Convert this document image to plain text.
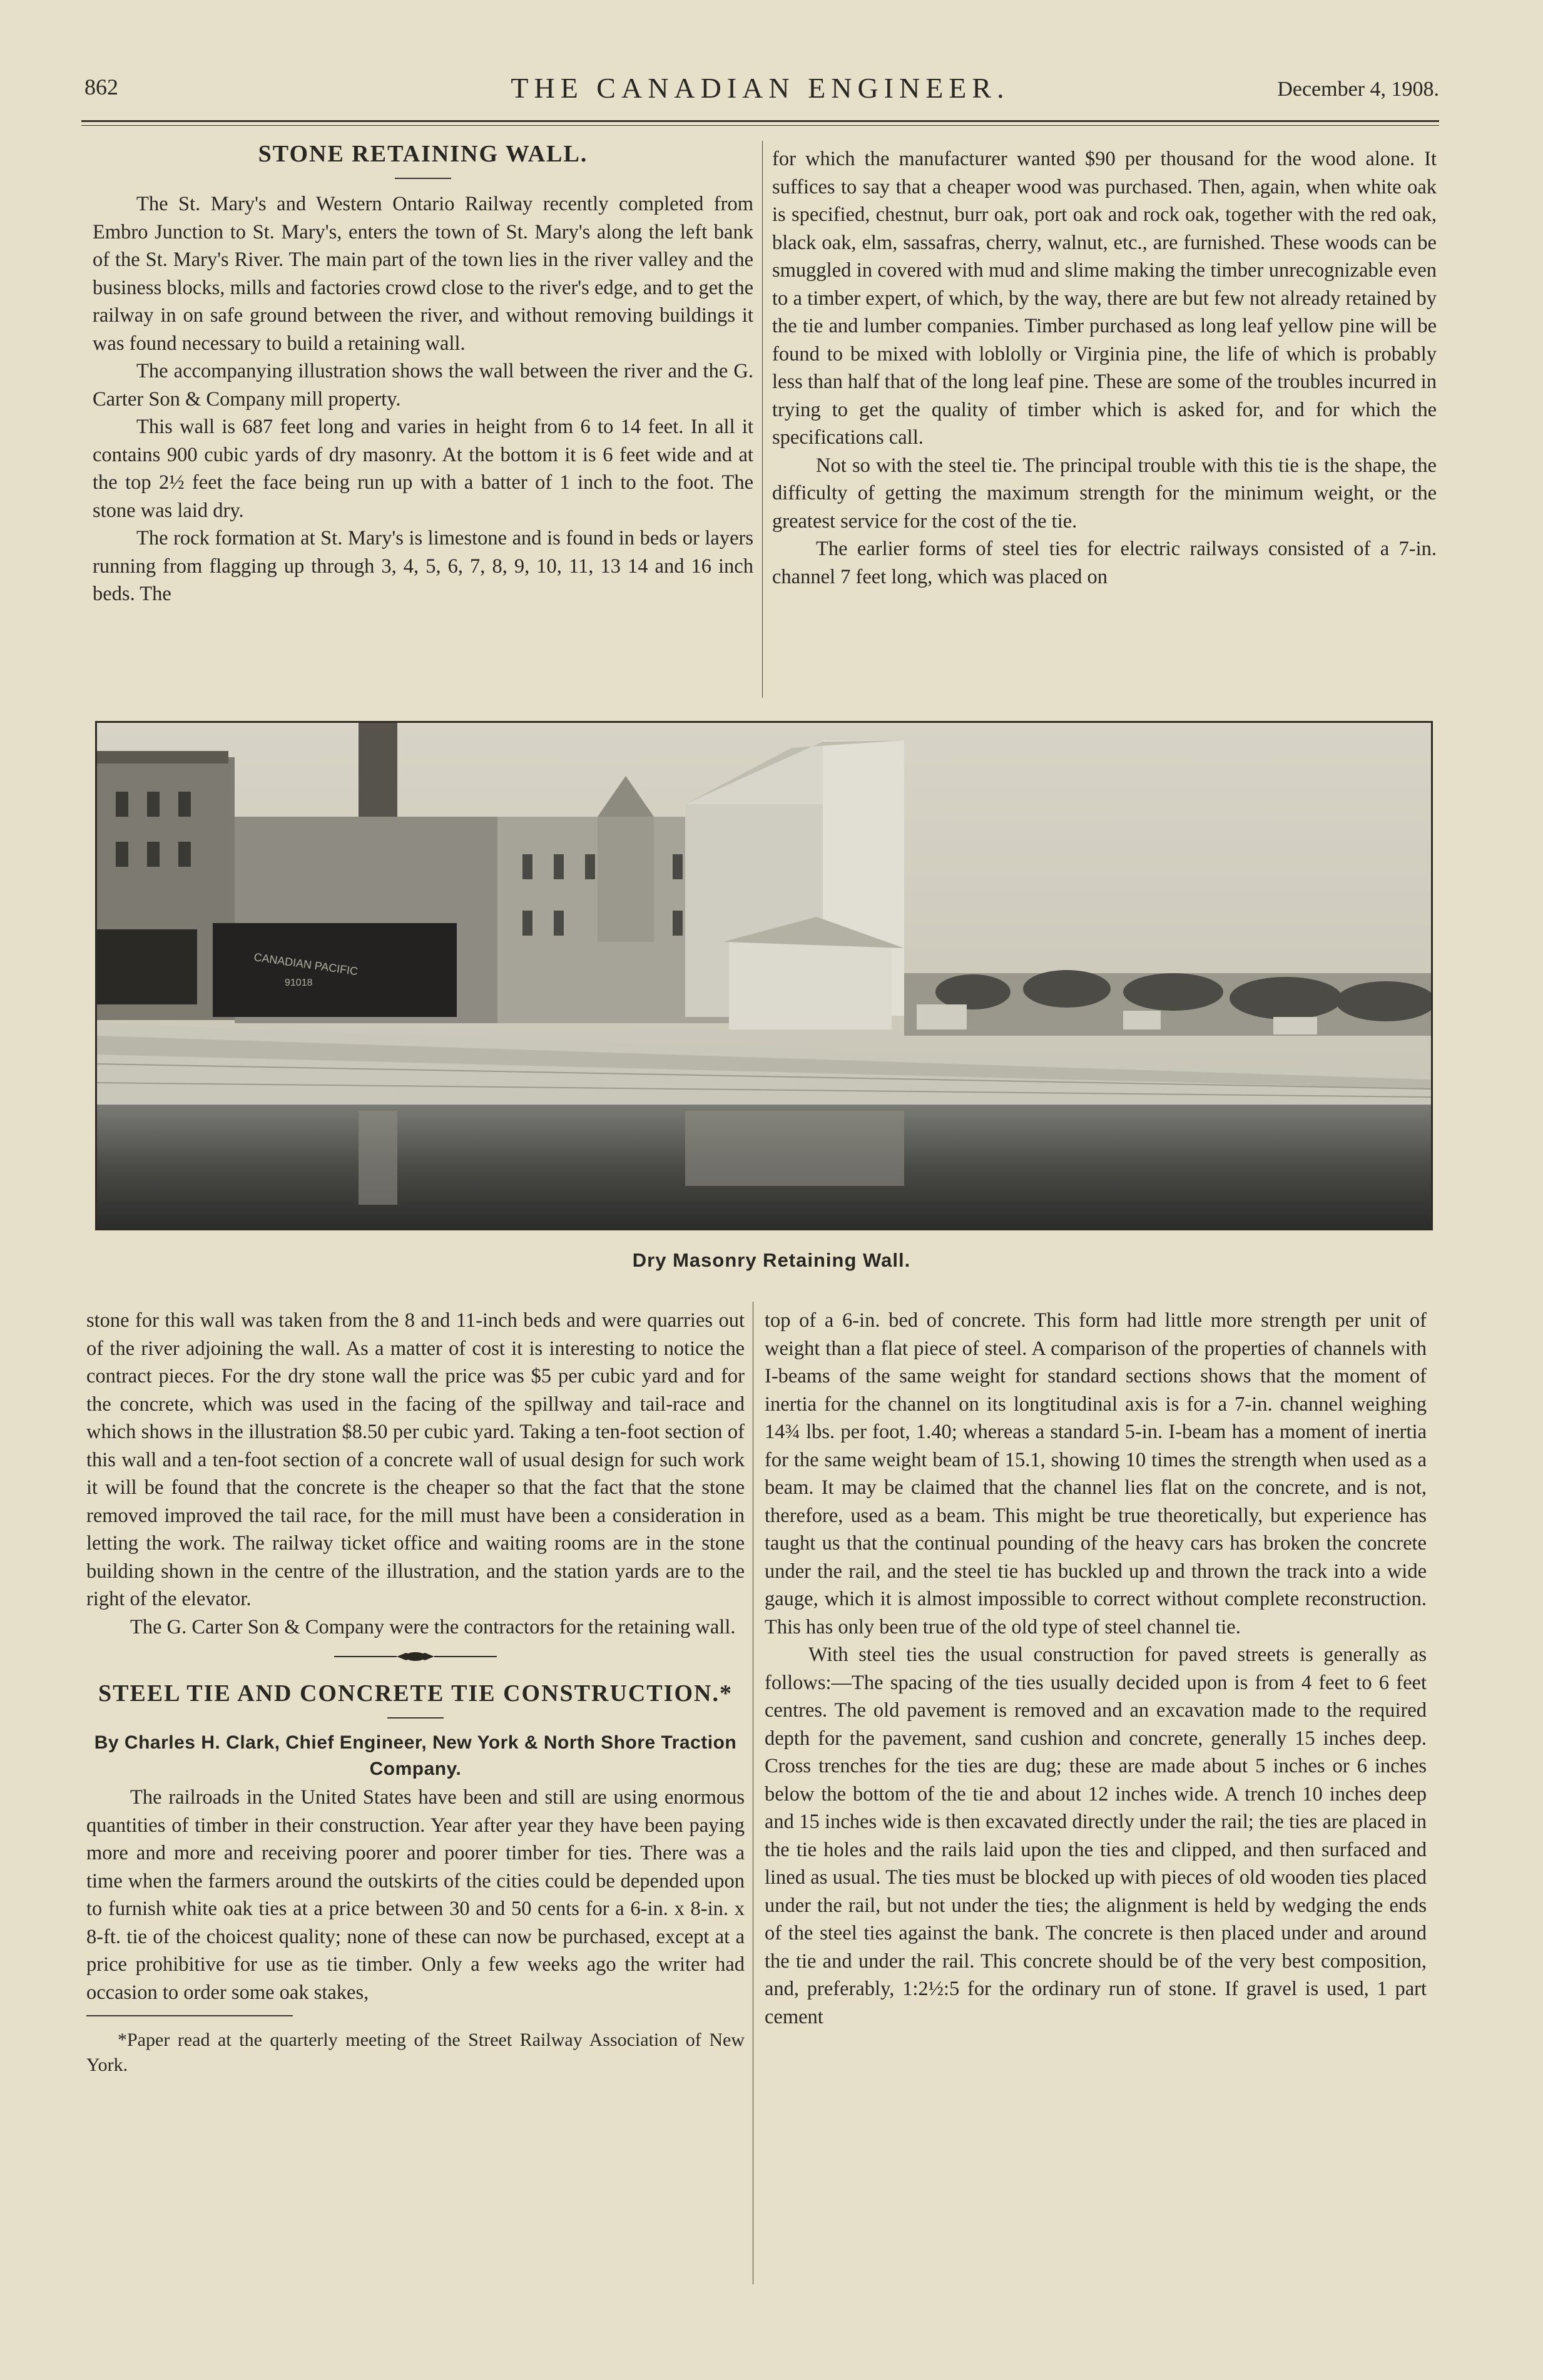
862	THE CANADIAN ENGINEER.	December 4, 1908.
STONE RETAINING WALL.

The St. Mary's and Western Ontario Railway recently completed from Embro Junction to St. Mary's, enters the town of St. Mary's along the left bank of the St. Mary's River. The main part of the town lies in the river valley and the business blocks, mills and factories crowd close to the river's edge, and to get the railway in on safe ground between the river, and without removing buildings it was found necessary to build a retaining wall.

The accompanying illustration shows the wall between the river and the G. Carter Son & Company mill property.

This wall is 687 feet long and varies in height from 6 to 14 feet. In all it contains 900 cubic yards of dry masonry. At the bottom it is 6 feet wide and at the top 2½ feet the face being run up with a batter of 1 inch to the foot. The stone was laid dry.

The rock formation at St. Mary's is limestone and is found in beds or layers running from flagging up through 3, 4, 5, 6, 7, 8, 9, 10, 11, 13 14 and 16 inch beds. The

for which the manufacturer wanted $90 per thousand for the wood alone. It suffices to say that a cheaper wood was purchased. Then, again, when white oak is specified, chestnut, burr oak, port oak and rock oak, together with the red oak, black oak, elm, sassafras, cherry, walnut, etc., are furnished. These woods can be smuggled in covered with mud and slime making the timber unrecognizable even to a timber expert, of which, by the way, there are but few not already retained by the tie and lumber companies. Timber purchased as long leaf yellow pine will be found to be mixed with loblolly or Virginia pine, the life of which is probably less than half that of the long leaf pine. These are some of the troubles incurred in trying to get the quality of timber which is asked for, and for which the specifications call.

Not so with the steel tie. The principal trouble with this tie is the shape, the difficulty of getting the maximum strength for the minimum weight, or the greatest service for the cost of the tie.

The earlier forms of steel ties for electric railways consisted of a 7-in. channel 7 feet long, which was placed on

CANADIAN PACIFIC
91018
Dry Masonry Retaining Wall.

stone for this wall was taken from the 8 and 11-inch beds and were quarries out of the river adjoining the wall. As a matter of cost it is interesting to notice the contract pieces. For the dry stone wall the price was $5 per cubic yard and for the concrete, which was used in the facing of the spillway and tail-race and which shows in the illustration $8.50 per cubic yard. Taking a ten-foot section of this wall and a ten-foot section of a concrete wall of usual design for such work it will be found that the concrete is the cheaper so that the fact that the stone removed improved the tail race, for the mill must have been a consideration in letting the work. The railway ticket office and waiting rooms are in the stone building shown in the centre of the illustration, and the station yards are to the right of the elevator.

The G. Carter Son & Company were the contractors for the retaining wall.

STEEL TIE AND CONCRETE TIE CONSTRUCTION.*
By Charles H. Clark, Chief Engineer, New York & North Shore Traction Company.

The railroads in the United States have been and still are using enormous quantities of timber in their construction. Year after year they have been paying more and more and receiving poorer and poorer timber for ties. There was a time when the farmers around the outskirts of the cities could be depended upon to furnish white oak ties at a price between 30 and 50 cents for a 6-in. x 8-in. x 8-ft. tie of the choicest quality; none of these can now be purchased, except at a price prohibitive for use as tie timber. Only a few weeks ago the writer had occasion to order some oak stakes,

*Paper read at the quarterly meeting of the Street Railway Association of New York.

top of a 6-in. bed of concrete. This form had little more strength per unit of weight than a flat piece of steel. A comparison of the properties of channels with I-beams of the same weight for standard sections shows that the moment of inertia for the channel on its longtitudinal axis is for a 7-in. channel weighing 14¾ lbs. per foot, 1.40; whereas a standard 5-in. I-beam has a moment of inertia for the same weight beam of 15.1, showing 10 times the strength when used as a beam. It may be claimed that the channel lies flat on the concrete, and is not, therefore, used as a beam. This might be true theoretically, but experience has taught us that the continual pounding of the heavy cars has broken the concrete under the rail, and the steel tie has buckled up and thrown the track into a wide gauge, which it is almost impossible to correct without complete reconstruction. This has only been true of the old type of steel channel tie.

With steel ties the usual construction for paved streets is generally as follows:—The spacing of the ties usually decided upon is from 4 feet to 6 feet centres. The old pavement is removed and an excavation made to the required depth for the pavement, sand cushion and concrete, generally 15 inches deep. Cross trenches for the ties are dug; these are made about 5 inches or 6 inches below the bottom of the tie and about 12 inches wide. A trench 10 inches deep and 15 inches wide is then excavated directly under the rail; the ties are placed in the tie holes and the rails laid upon the ties and clipped, and then surfaced and lined as usual. The ties must be blocked up with pieces of old wooden ties placed under the rail, but not under the ties; the alignment is held by wedging the ends of the steel ties against the bank. The concrete is then placed under and around the tie and under the rail. This concrete should be of the very best composition, and, preferably, 1:2½:5 for the ordinary run of stone. If gravel is used, 1 part cement
